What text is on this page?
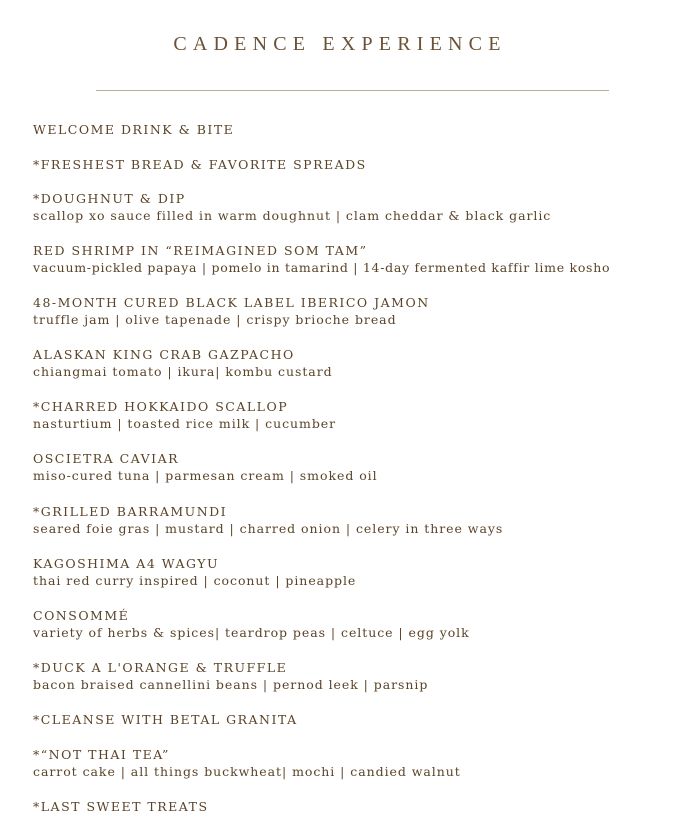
CADENCE EXPERIENCE
WELCOME DRINK & BITE
*FRESHEST BREAD & FAVORITE SPREADS
*DOUGHNUT & DIP
scallop xo sauce filled in warm doughnut | clam cheddar & black garlic
RED SHRIMP IN “REIMAGINED SOM TAM”
vacuum-pickled papaya | pomelo in tamarind | 14-day fermented kaffir lime kosho
48-MONTH CURED BLACK LABEL IBERICO JAMON
truffle jam | olive tapenade | crispy brioche bread
ALASKAN KING CRAB GAZPACHO
chiangmai tomato | ikura| kombu custard
*CHARRED HOKKAIDO SCALLOP
nasturtium | toasted rice milk | cucumber
OSCIETRA CAVIAR
miso-cured tuna | parmesan cream | smoked oil
*GRILLED BARRAMUNDI
seared foie gras | mustard | charred onion | celery in three ways
KAGOSHIMA A4 WAGYU
thai red curry inspired | coconut | pineapple
CONSOMMÉ
variety of herbs & spices| teardrop peas | celtuce | egg yolk
*DUCK A L'ORANGE & TRUFFLE
bacon braised cannellini beans | pernod leek | parsnip
*CLEANSE WITH BETAL GRANITA
*“NOT THAI TEA”
carrot cake | all things buckwheat| mochi | candied walnut
*LAST SWEET TREATS
